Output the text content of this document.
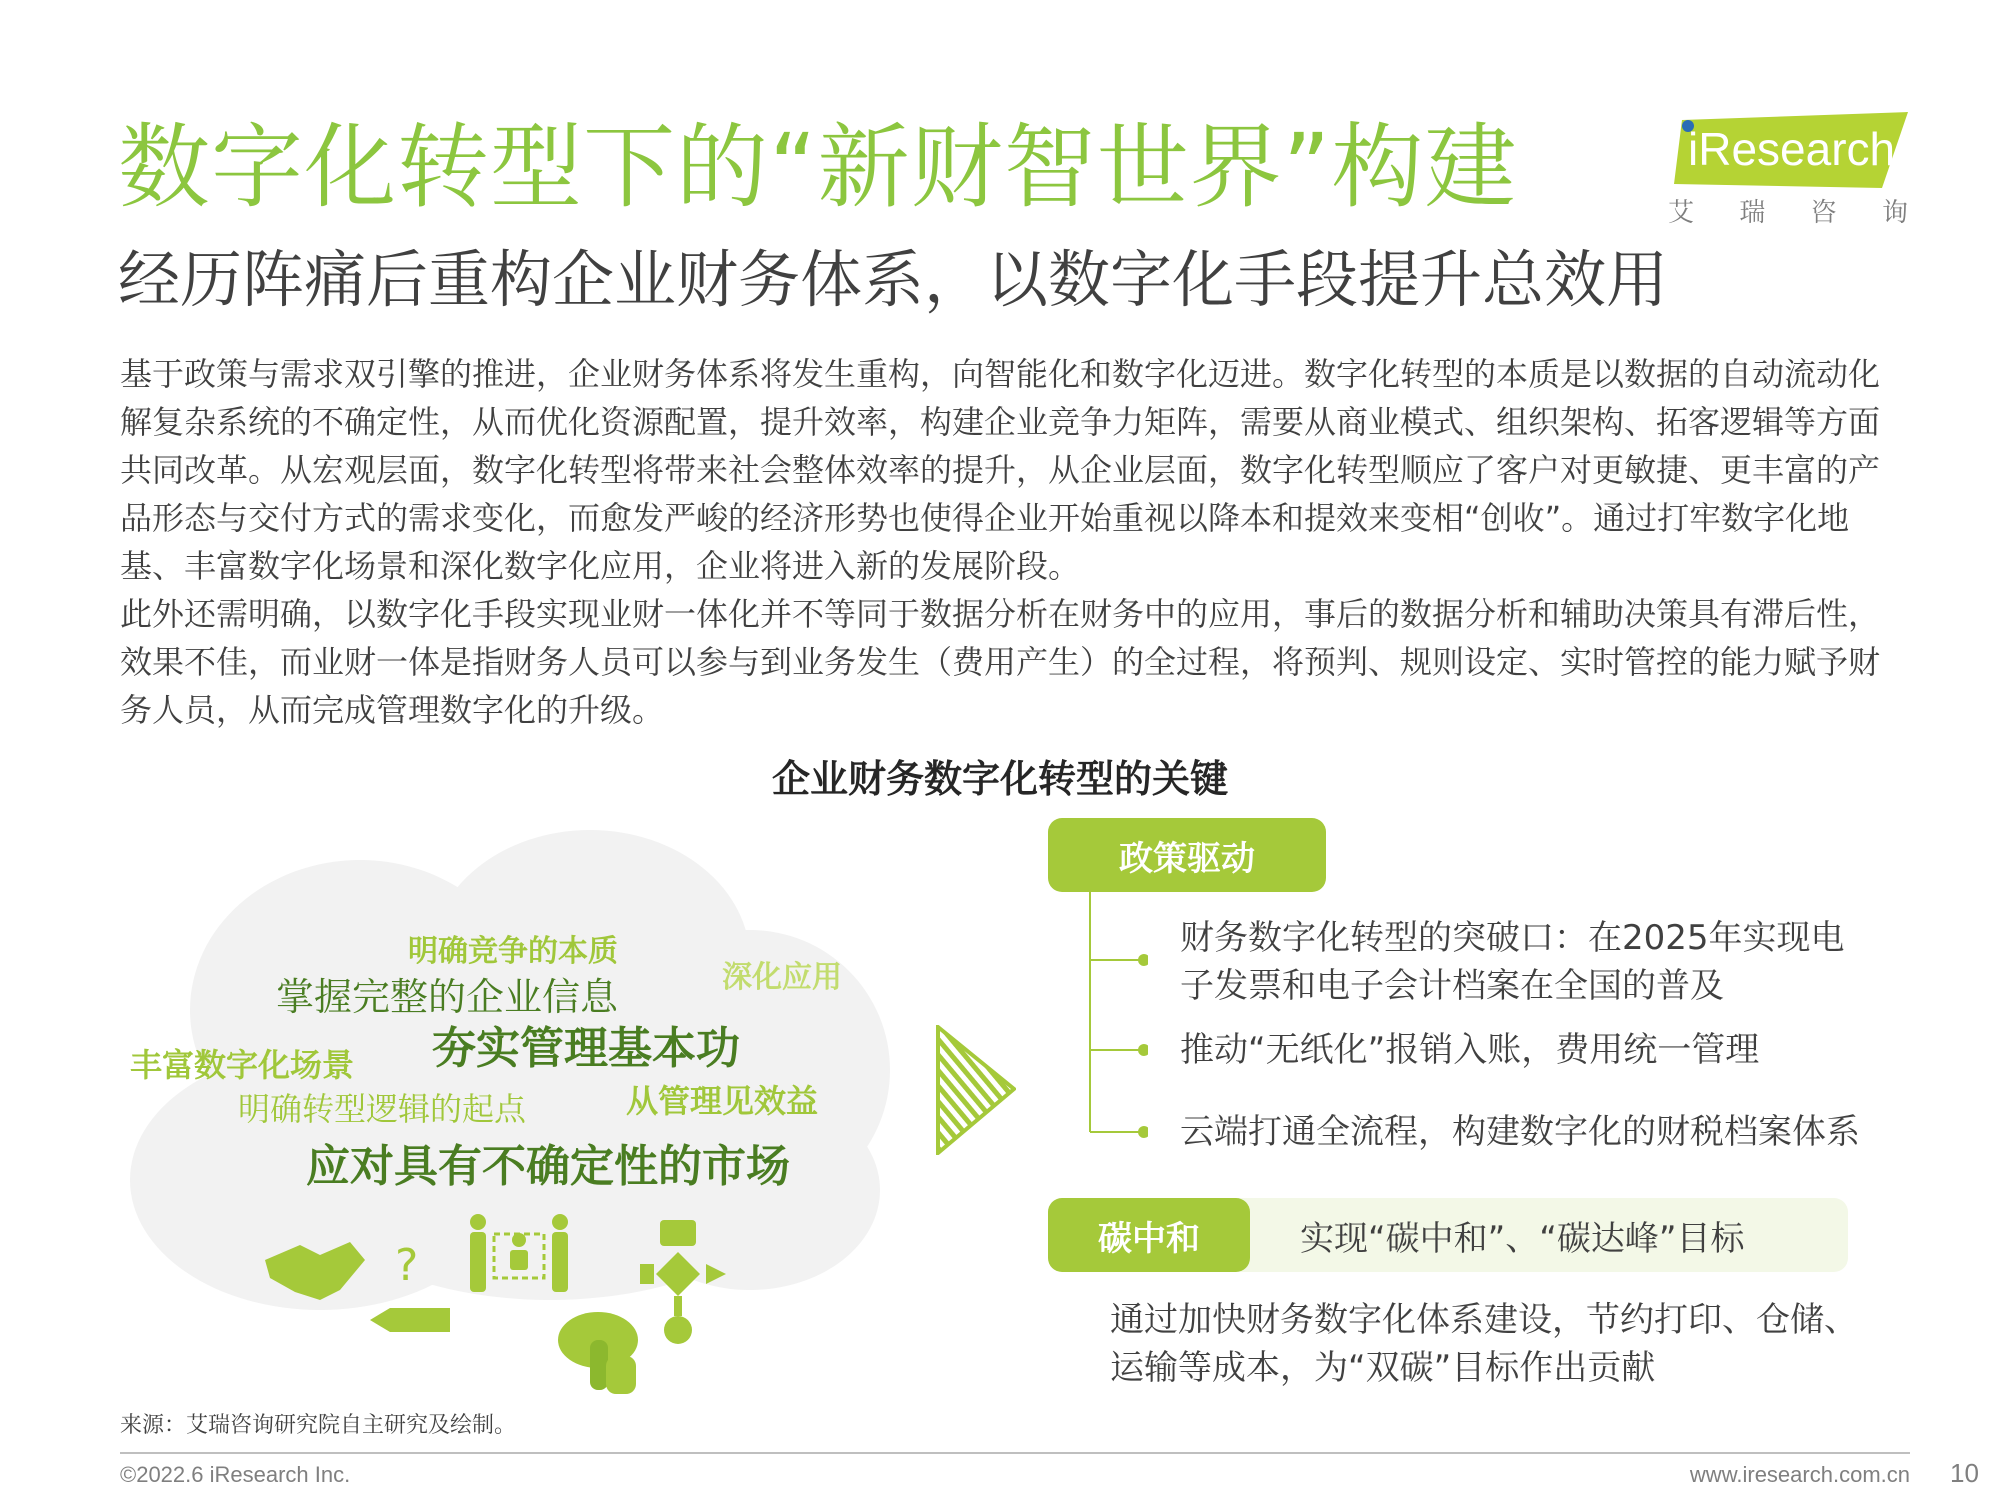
数字化转型下的“新财智世界”构建
经历阵痛后重构企业财务体系，以数字化手段提升总效用
iResearch
艾 瑞 咨 询

基于政策与需求双引擎的推进，企业财务体系将发生重构，向智能化和数字化迈进。数字化转型的本质是以数据的自动流动化解复杂系统的不确定性，从而优化资源配置，提升效率，构建企业竞争力矩阵，需要从商业模式、组织架构、拓客逻辑等方面共同改革。从宏观层面，数字化转型将带来社会整体效率的提升，从企业层面，数字化转型顺应了客户对更敏捷、更丰富的产品形态与交付方式的需求变化，而愈发严峻的经济形势也使得企业开始重视以降本和提效来变相“创收”。通过打牢数字化地基、丰富数字化场景和深化数字化应用，企业将进入新的发展阶段。

此外还需明确，以数字化手段实现业财一体化并不等同于数据分析在财务中的应用，事后的数据分析和辅助决策具有滞后性，效果不佳，而业财一体是指财务人员可以参与到业务发生（费用产生）的全过程，将预判、规则设定、实时管控的能力赋予财务人员，从而完成管理数字化的升级。

企业财务数字化转型的关键
明确竞争的本质
深化应用
掌握完整的企业信息
夯实管理基本功
丰富数字化场景
明确转型逻辑的起点	从管理见效益
应对具有不确定性的市场
?
政策驱动
财务数字化转型的突破口：在2025年实现电子发票和电子会计档案在全国的普及
推动“无纸化”报销入账，费用统一管理
云端打通全流程，构建数字化的财税档案体系
碳中和	实现“碳中和”、“碳达峰”目标
通过加快财务数字化体系建设，节约打印、仓储、运输等成本，为“双碳”目标作出贡献
来源：艾瑞咨询研究院自主研究及绘制。
©2022.6 iResearch Inc.	www.iresearch.com.cn 10
